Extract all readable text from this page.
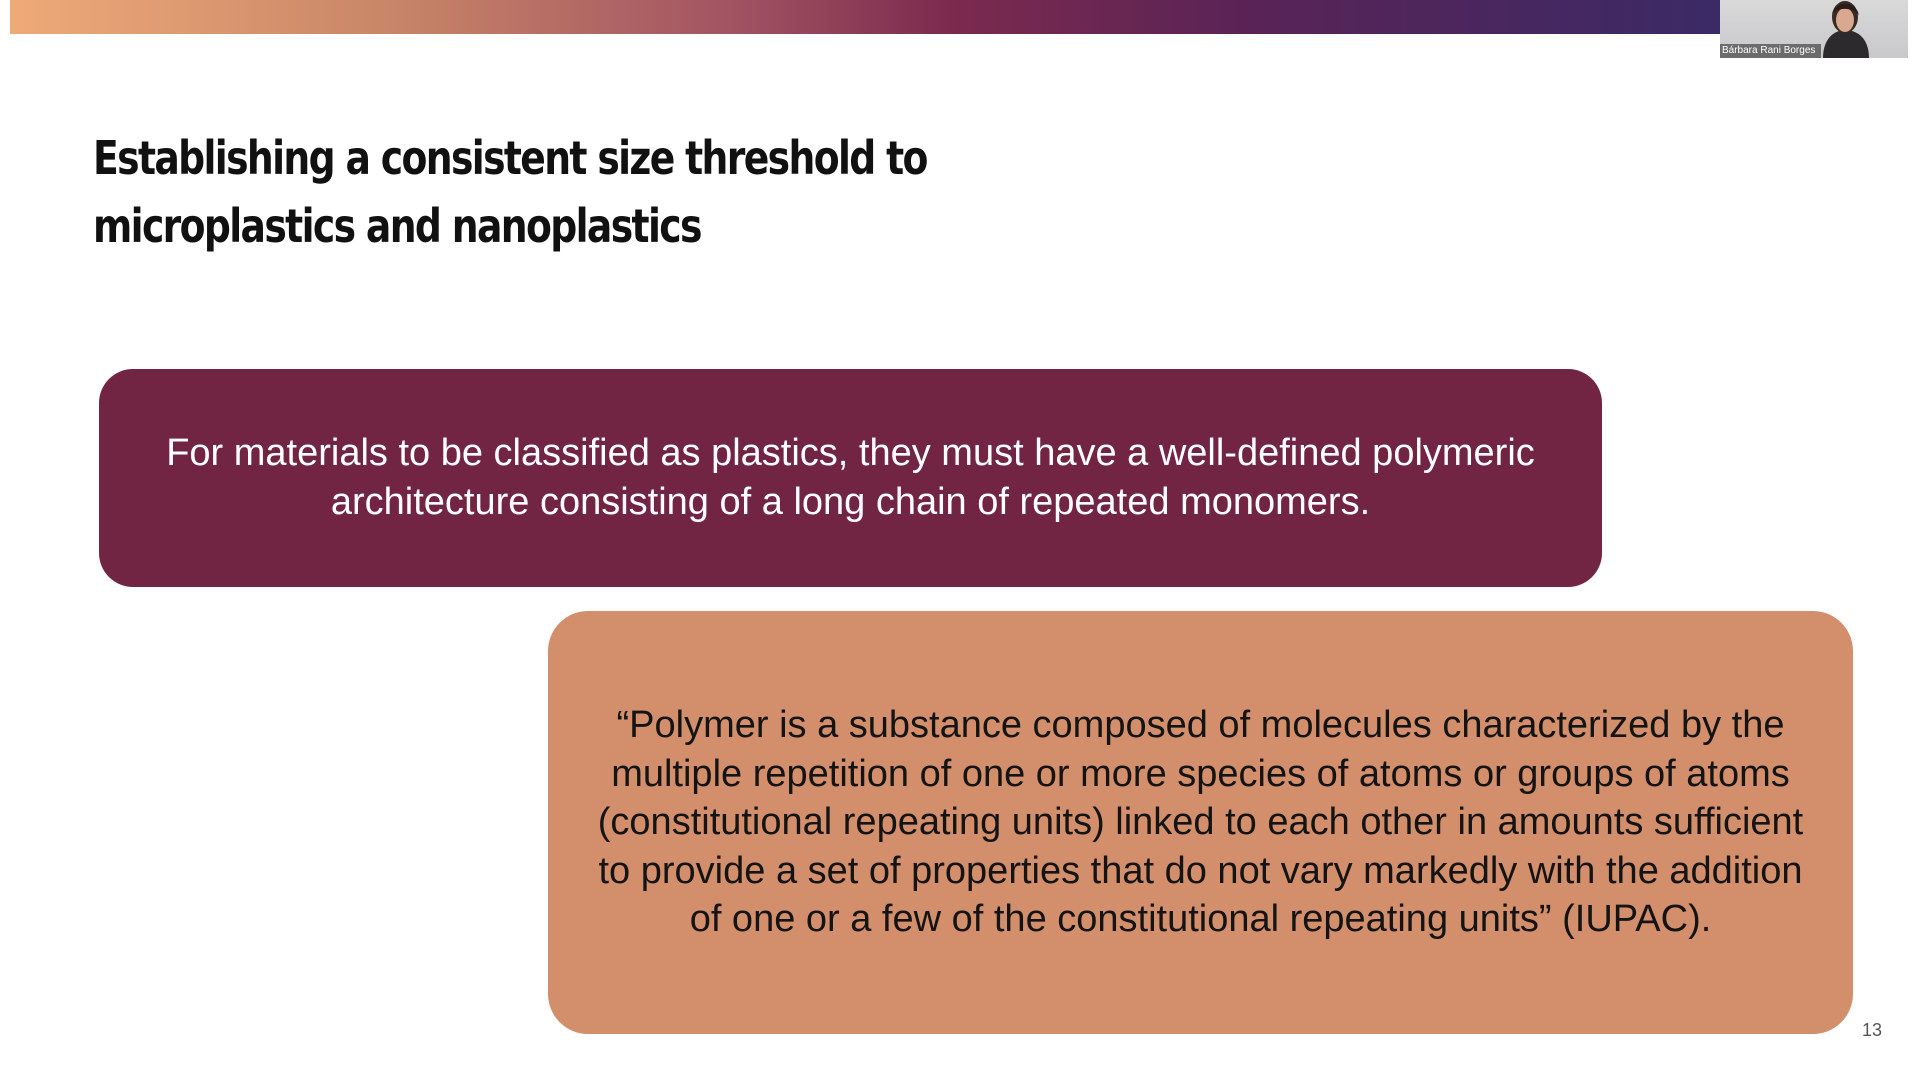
Bárbara Rani Borges
Establishing a consistent size threshold to microplastics and nanoplastics

For materials to be classified as plastics, they must have a well-defined polymeric architecture consisting of a long chain of repeated monomers.

“Polymer is a substance composed of molecules characterized by the multiple repetition of one or more species of atoms or groups of atoms (constitutional repeating units) linked to each other in amounts sufficient to provide a set of properties that do not vary markedly with the addition of one or a few of the constitutional repeating units” (IUPAC).

13
